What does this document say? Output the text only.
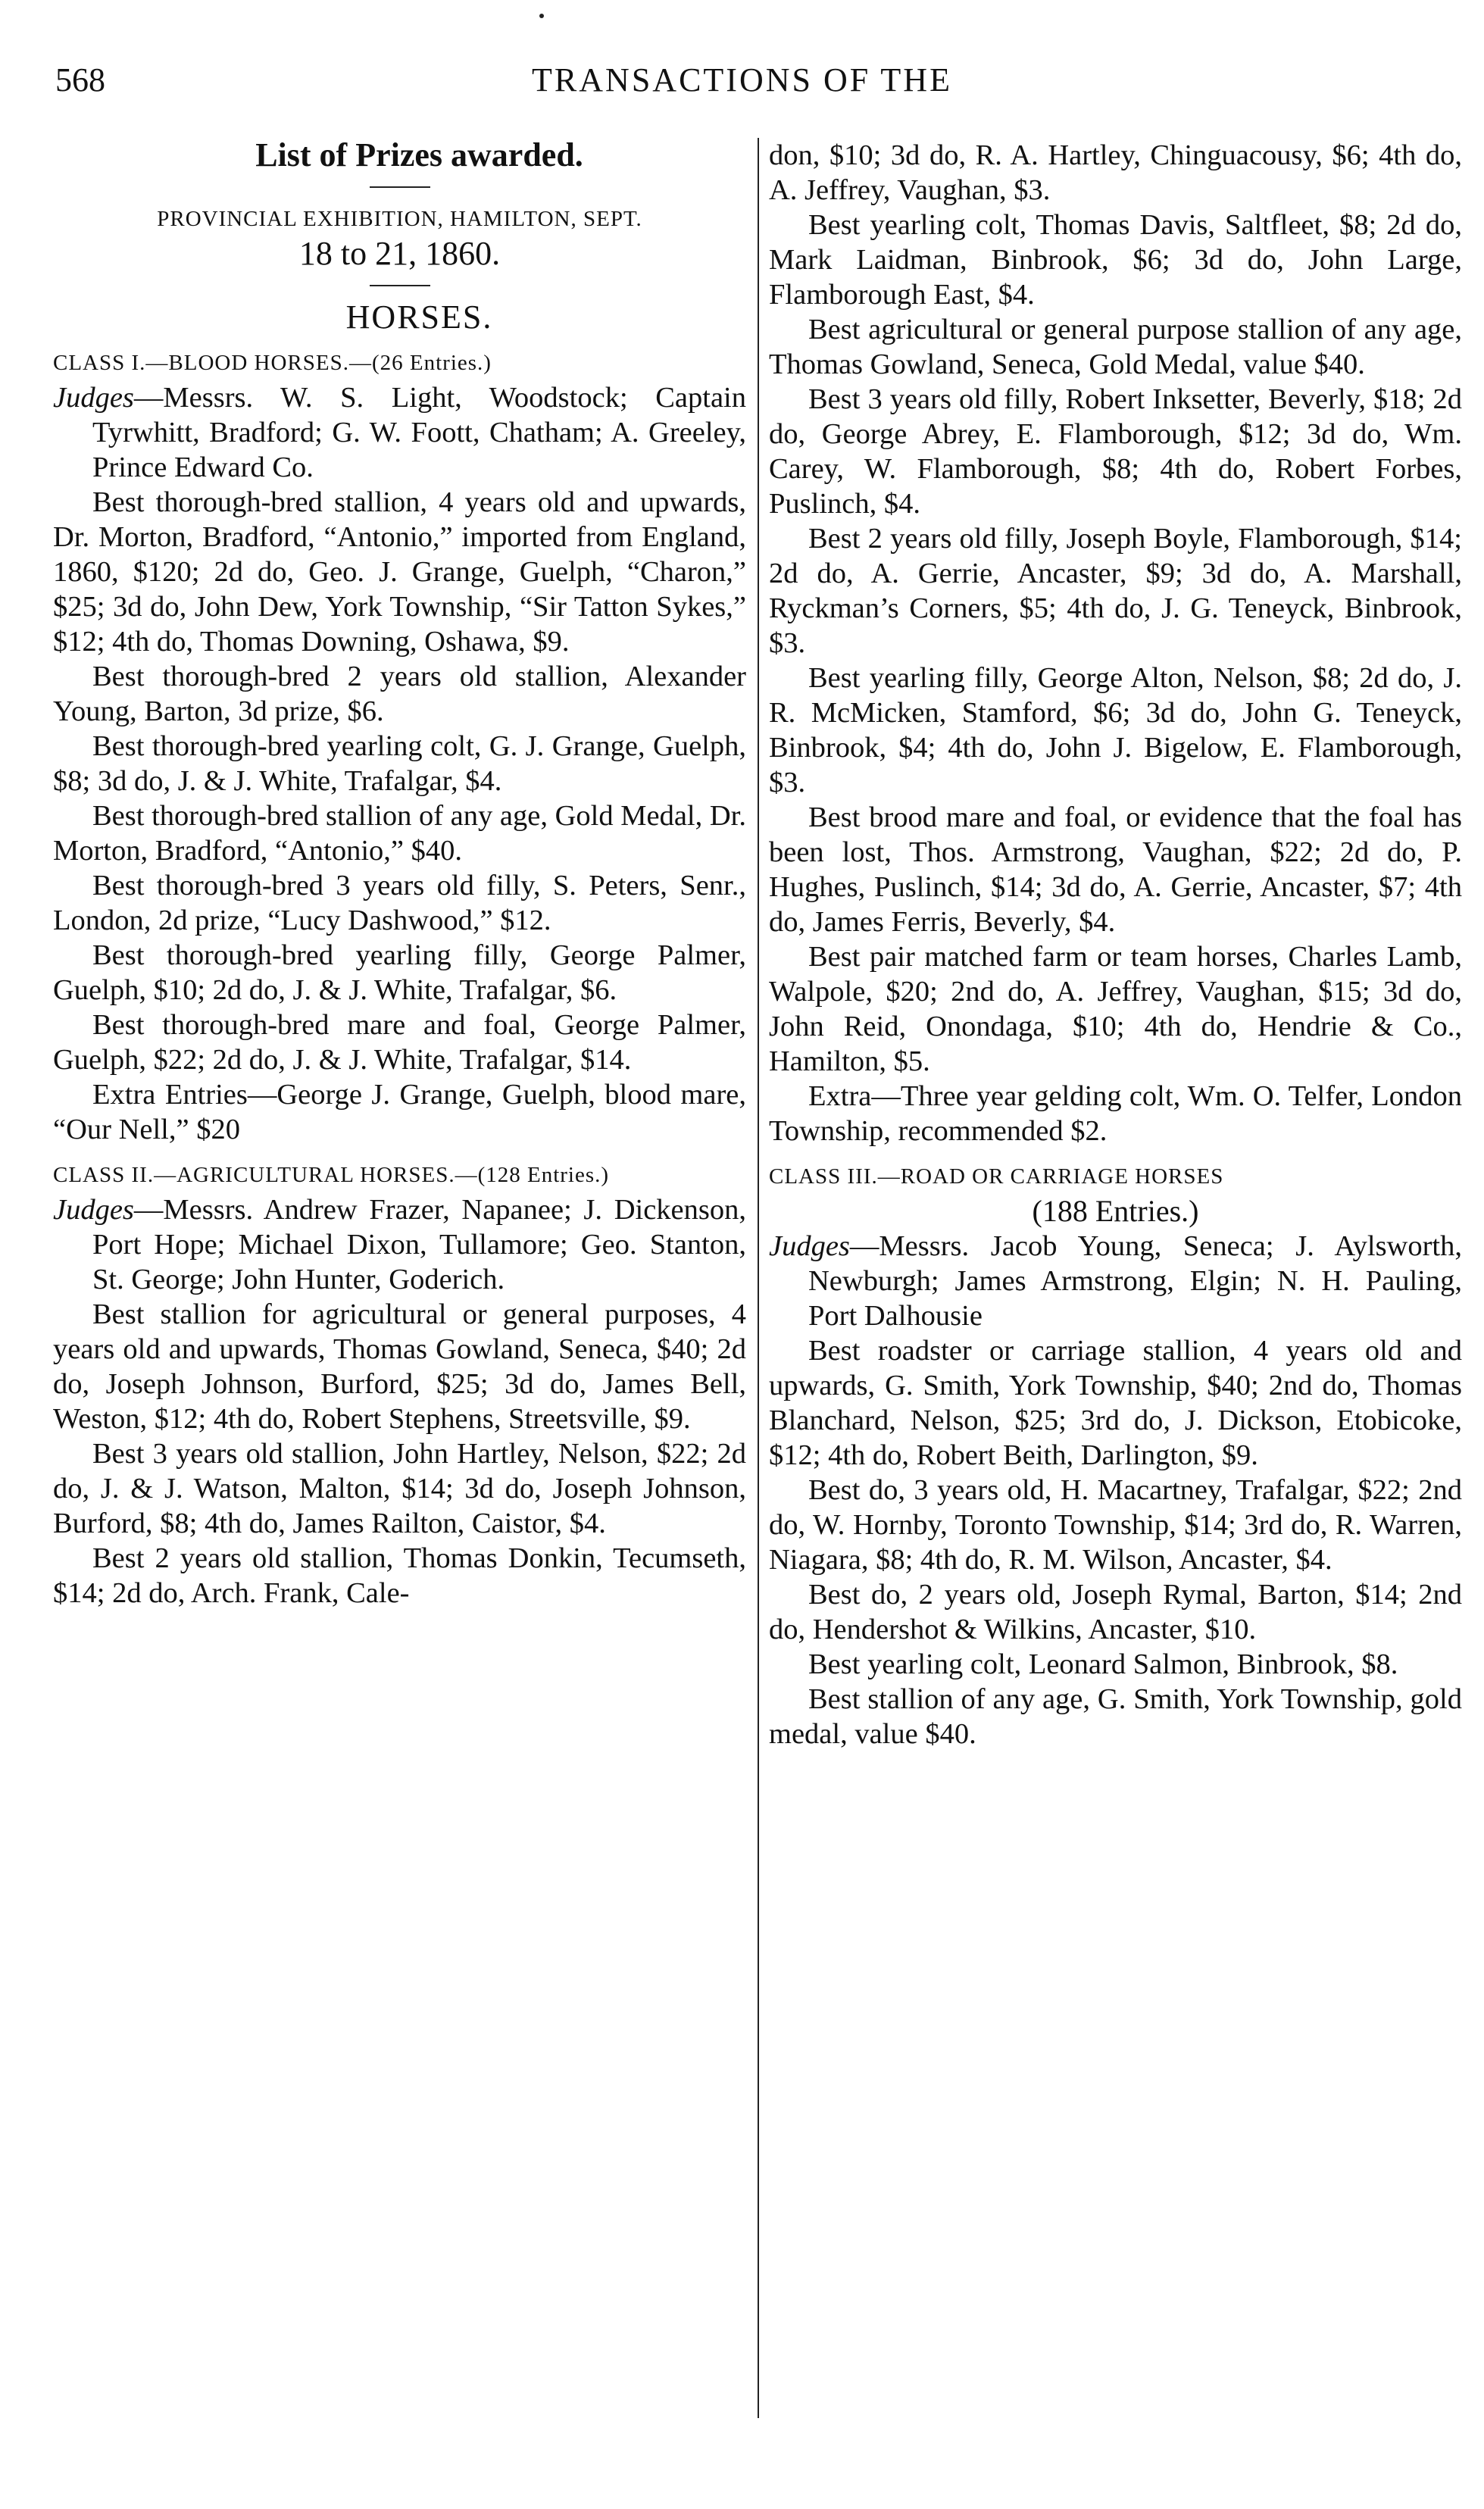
568	TRANSACTIONS OF THE

List of Prizes awarded.

PROVINCIAL EXHIBITION, HAMILTON, SEPT.

18 to 21, 1860.

HORSES.

CLASS I.—BLOOD HORSES.—(26 Entries.)

Judges—Messrs. W. S. Light, Woodstock; Captain Tyrwhitt, Bradford; G. W. Foott, Chatham; A. Greeley, Prince Edward Co.

Best thorough-bred stallion, 4 years old and upwards, Dr. Morton, Bradford, “Antonio,” imported from England, 1860, $120; 2d do, Geo. J. Grange, Guelph, “Charon,” $25; 3d do, John Dew, York Township, “Sir Tatton Sykes,” $12; 4th do, Thomas Downing, Oshawa, $9.

Best thorough-bred 2 years old stallion, Alexander Young, Barton, 3d prize, $6.

Best thorough-bred yearling colt, G. J. Grange, Guelph, $8; 3d do, J. & J. White, Trafalgar, $4.

Best thorough-bred stallion of any age, Gold Medal, Dr. Morton, Bradford, “Antonio,” $40.

Best thorough-bred 3 years old filly, S. Peters, Senr., London, 2d prize, “Lucy Dashwood,” $12.

Best thorough-bred yearling filly, George Palmer, Guelph, $10; 2d do, J. & J. White, Trafalgar, $6.

Best thorough-bred mare and foal, George Palmer, Guelph, $22; 2d do, J. & J. White, Trafalgar, $14.

Extra Entries—George J. Grange, Guelph, blood mare, “Our Nell,” $20

CLASS II.—AGRICULTURAL HORSES.—(128 Entries.)

Judges—Messrs. Andrew Frazer, Napanee; J. Dickenson, Port Hope; Michael Dixon, Tullamore; Geo. Stanton, St. George; John Hunter, Goderich.

Best stallion for agricultural or general purposes, 4 years old and upwards, Thomas Gowland, Seneca, $40; 2d do, Joseph Johnson, Burford, $25; 3d do, James Bell, Weston, $12; 4th do, Robert Stephens, Streetsville, $9.

Best 3 years old stallion, John Hartley, Nelson, $22; 2d do, J. & J. Watson, Malton, $14; 3d do, Joseph Johnson, Burford, $8; 4th do, James Railton, Caistor, $4.

Best 2 years old stallion, Thomas Donkin, Tecumseth, $14; 2d do, Arch. Frank, Cale-

don, $10; 3d do, R. A. Hartley, Chinguacousy, $6; 4th do, A. Jeffrey, Vaughan, $3.

Best yearling colt, Thomas Davis, Saltfleet, $8; 2d do, Mark Laidman, Binbrook, $6; 3d do, John Large, Flamborough East, $4.

Best agricultural or general purpose stallion of any age, Thomas Gowland, Seneca, Gold Medal, value $40.

Best 3 years old filly, Robert Inksetter, Beverly, $18; 2d do, George Abrey, E. Flamborough, $12; 3d do, Wm. Carey, W. Flamborough, $8; 4th do, Robert Forbes, Puslinch, $4.

Best 2 years old filly, Joseph Boyle, Flamborough, $14; 2d do, A. Gerrie, Ancaster, $9; 3d do, A. Marshall, Ryckman’s Corners, $5; 4th do, J. G. Teneyck, Binbrook, $3.

Best yearling filly, George Alton, Nelson, $8; 2d do, J. R. McMicken, Stamford, $6; 3d do, John G. Teneyck, Binbrook, $4; 4th do, John J. Bigelow, E. Flamborough, $3.

Best brood mare and foal, or evidence that the foal has been lost, Thos. Armstrong, Vaughan, $22; 2d do, P. Hughes, Puslinch, $14; 3d do, A. Gerrie, Ancaster, $7; 4th do, James Ferris, Beverly, $4.

Best pair matched farm or team horses, Charles Lamb, Walpole, $20; 2nd do, A. Jeffrey, Vaughan, $15; 3d do, John Reid, Onondaga, $10; 4th do, Hendrie & Co., Hamilton, $5.

Extra—Three year gelding colt, Wm. O. Telfer, London Township, recommended $2.

CLASS III.—ROAD OR CARRIAGE HORSES

(188 Entries.)

Judges—Messrs. Jacob Young, Seneca; J. Aylsworth, Newburgh; James Armstrong, Elgin; N. H. Pauling, Port Dalhousie

Best roadster or carriage stallion, 4 years old and upwards, G. Smith, York Township, $40; 2nd do, Thomas Blanchard, Nelson, $25; 3rd do, J. Dickson, Etobicoke, $12; 4th do, Robert Beith, Darlington, $9.

Best do, 3 years old, H. Macartney, Trafalgar, $22; 2nd do, W. Hornby, Toronto Township, $14; 3rd do, R. Warren, Niagara, $8; 4th do, R. M. Wilson, Ancaster, $4.

Best do, 2 years old, Joseph Rymal, Barton, $14; 2nd do, Hendershot & Wilkins, Ancaster, $10.

Best yearling colt, Leonard Salmon, Binbrook, $8.

Best stallion of any age, G. Smith, York Township, gold medal, value $40.
